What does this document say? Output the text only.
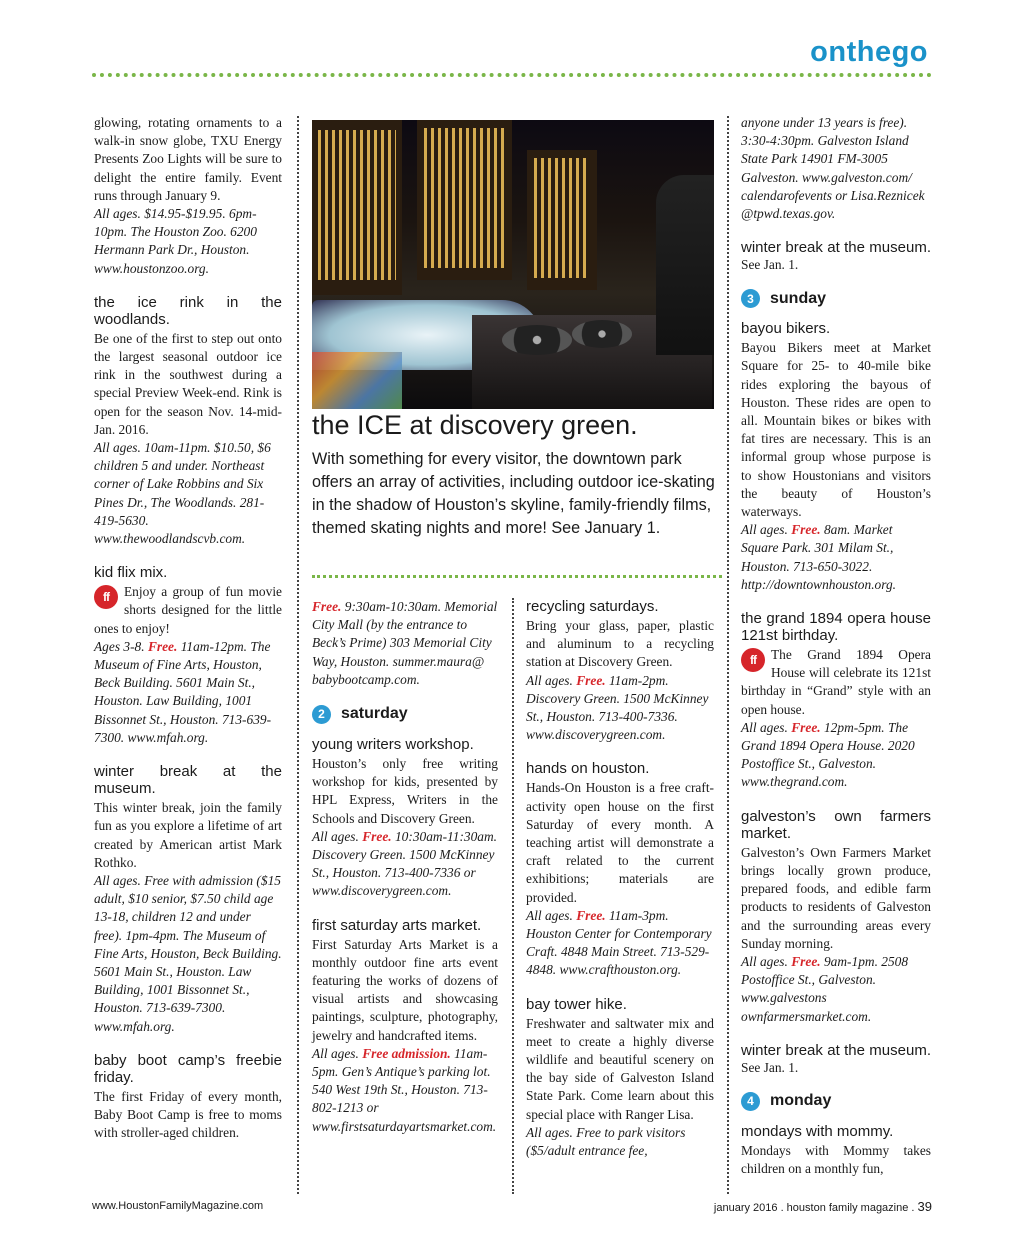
onthego

glowing, rotating ornaments to a walk-in snow globe, TXU Energy Presents Zoo Lights will be sure to delight the entire family. Event runs through January 9.

All ages. $14.95-$19.95. 6pm-10pm. The Houston Zoo. 6200 Hermann Park Dr., Houston. www.houstonzoo.org.

the ice rink in the woodlands.

Be one of the first to step out onto the largest seasonal outdoor ice rink in the southwest during a special Preview Week-end. Rink is open for the season Nov. 14-mid-Jan. 2016.

All ages. 10am-11pm. $10.50, $6 children 5 and under. Northeast corner of Lake Robbins and Six Pines Dr., The Woodlands. 281-419-5630. www.thewoodlandscvb.com.

kid flix mix.
ff	Enjoy a group of fun movie shorts designed for the little ones to enjoy!

Ages 3-8. Free. 11am-12pm. The Museum of Fine Arts, Houston, Beck Building. 5601 Main St., Houston. Law Building, 1001 Bissonnet St., Houston. 713-639-7300. www.mfah.org.

winter break at the museum.

This winter break, join the family fun as you explore a lifetime of art created by American artist Mark Rothko.

All ages. Free with admission ($15 adult, $10 senior, $7.50 child age 13-18, children 12 and under free). 1pm-4pm. The Museum of Fine Arts, Houston, Beck Building. 5601 Main St., Houston. Law Building, 1001 Bissonnet St., Houston. 713-639-7300. www.mfah.org.

baby boot camp’s freebie friday.

The first Friday of every month, Baby Boot Camp is free to moms with stroller-aged children.

the ICE at discovery green.
With something for every visitor, the downtown park offers an array of activities, including outdoor ice-skating in the shadow of Houston’s skyline, family-friendly films, themed skating nights and more! See January 1.

Free. 9:30am-10:30am. Memorial City Mall (by the entrance to Beck’s Prime) 303 Memorial City Way, Houston. summer.maura@ babybootcamp.com.

2	saturday
young writers workshop.

Houston’s only free writing workshop for kids, presented by HPL Express, Writers in the Schools and Discovery Green.

All ages. Free. 10:30am-11:30am. Discovery Green. 1500 McKinney St., Houston. 713-400-7336 or www.discoverygreen.com.

first saturday arts market.

First Saturday Arts Market is a monthly outdoor fine arts event featuring the works of dozens of visual artists and showcasing paintings, sculpture, photography, jewelry and handcrafted items.

All ages. Free admission. 11am-5pm. Gen’s Antique’s parking lot. 540 West 19th St., Houston. 713-802-1213 or www.firstsaturdayartsmarket.com.

recycling saturdays.

Bring your glass, paper, plastic and aluminum to a recycling station at Discovery Green.

All ages. Free. 11am-2pm. Discovery Green. 1500 McKinney St., Houston. 713-400-7336. www.discoverygreen.com.

hands on houston.

Hands-On Houston is a free craft-activity open house on the first Saturday of every month. A teaching artist will demonstrate a craft related to the current exhibitions; materials are provided.

All ages. Free. 11am-3pm. Houston Center for Contemporary Craft. 4848 Main Street. 713-529-4848. www.crafthouston.org.

bay tower hike.

Freshwater and saltwater mix and meet to create a highly diverse wildlife and beautiful scenery on the bay side of Galveston Island State Park. Come learn about this special place with Ranger Lisa.

All ages. Free to park visitors ($5/adult entrance fee,

anyone under 13 years is free). 3:30-4:30pm. Galveston Island State Park 14901 FM-3005 Galveston. www.galveston.com/ calendarofevents or Lisa.Reznicek @tpwd.texas.gov.

winter break at the museum. See Jan. 1.
3	sunday
bayou bikers.

Bayou Bikers meet at Market Square for 25- to 40-mile bike rides exploring the bayous of Houston. These rides are open to all. Mountain bikes or bikes with fat tires are necessary. This is an informal group whose purpose is to show Houstonians and visitors the beauty of Houston’s waterways.

All ages. Free. 8am. Market Square Park. 301 Milam St., Houston. 713-650-3022. http://downtownhouston.org.

the grand 1894 opera house 121st birthday.
ff	The Grand 1894 Opera House will celebrate its 121st birthday in “Grand” style with an open house.

All ages. Free. 12pm-5pm. The Grand 1894 Opera House. 2020 Postoffice St., Galveston. www.thegrand.com.

galveston’s own farmers market.

Galveston’s Own Farmers Market brings locally grown produce, prepared foods, and edible farm products to residents of Galveston and the surrounding areas every Sunday morning.

All ages. Free. 9am-1pm. 2508 Postoffice St., Galveston. www.galvestons ownfarmersmarket.com.

winter break at the museum. See Jan. 1.
4	monday
mondays with mommy.

Mondays with Mommy takes children on a monthly fun,

www.HoustonFamilyMagazine.com	january 2016 . houston family magazine . 39
